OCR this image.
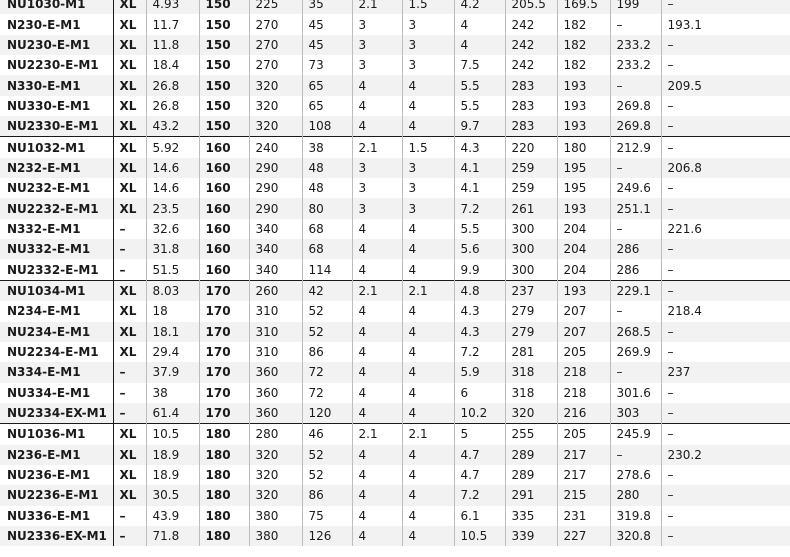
NU1030-M1	XL	4.93	150	225	35	2.1	1.5	4.2	205.5	169.5	199	–
N230-E-M1	XL	11.7	150	270	45	3	3	4	242	182	–	193.1
NU230-E-M1	XL	11.8	150	270	45	3	3	4	242	182	233.2	–
NU2230-E-M1	XL	18.4	150	270	73	3	3	7.5	242	182	233.2	–
N330-E-M1	XL	26.8	150	320	65	4	4	5.5	283	193	–	209.5
NU330-E-M1	XL	26.8	150	320	65	4	4	5.5	283	193	269.8	–
NU2330-E-M1	XL	43.2	150	320	108	4	4	9.7	283	193	269.8	–
NU1032-M1	XL	5.92	160	240	38	2.1	1.5	4.3	220	180	212.9	–
N232-E-M1	XL	14.6	160	290	48	3	3	4.1	259	195	–	206.8
NU232-E-M1	XL	14.6	160	290	48	3	3	4.1	259	195	249.6	–
NU2232-E-M1	XL	23.5	160	290	80	3	3	7.2	261	193	251.1	–
N332-E-M1	–	32.6	160	340	68	4	4	5.5	300	204	–	221.6
NU332-E-M1	–	31.8	160	340	68	4	4	5.6	300	204	286	–
NU2332-E-M1	–	51.5	160	340	114	4	4	9.9	300	204	286	–
NU1034-M1	XL	8.03	170	260	42	2.1	2.1	4.8	237	193	229.1	–
N234-E-M1	XL	18	170	310	52	4	4	4.3	279	207	–	218.4
NU234-E-M1	XL	18.1	170	310	52	4	4	4.3	279	207	268.5	–
NU2234-E-M1	XL	29.4	170	310	86	4	4	7.2	281	205	269.9	–
N334-E-M1	–	37.9	170	360	72	4	4	5.9	318	218	–	237
NU334-E-M1	–	38	170	360	72	4	4	6	318	218	301.6	–
NU2334-EX-M1	–	61.4	170	360	120	4	4	10.2	320	216	303	–
NU1036-M1	XL	10.5	180	280	46	2.1	2.1	5	255	205	245.9	–
N236-E-M1	XL	18.9	180	320	52	4	4	4.7	289	217	–	230.2
NU236-E-M1	XL	18.9	180	320	52	4	4	4.7	289	217	278.6	–
NU2236-E-M1	XL	30.5	180	320	86	4	4	7.2	291	215	280	–
NU336-E-M1	–	43.9	180	380	75	4	4	6.1	335	231	319.8	–
NU2336-EX-M1	–	71.8	180	380	126	4	4	10.5	339	227	320.8	–
